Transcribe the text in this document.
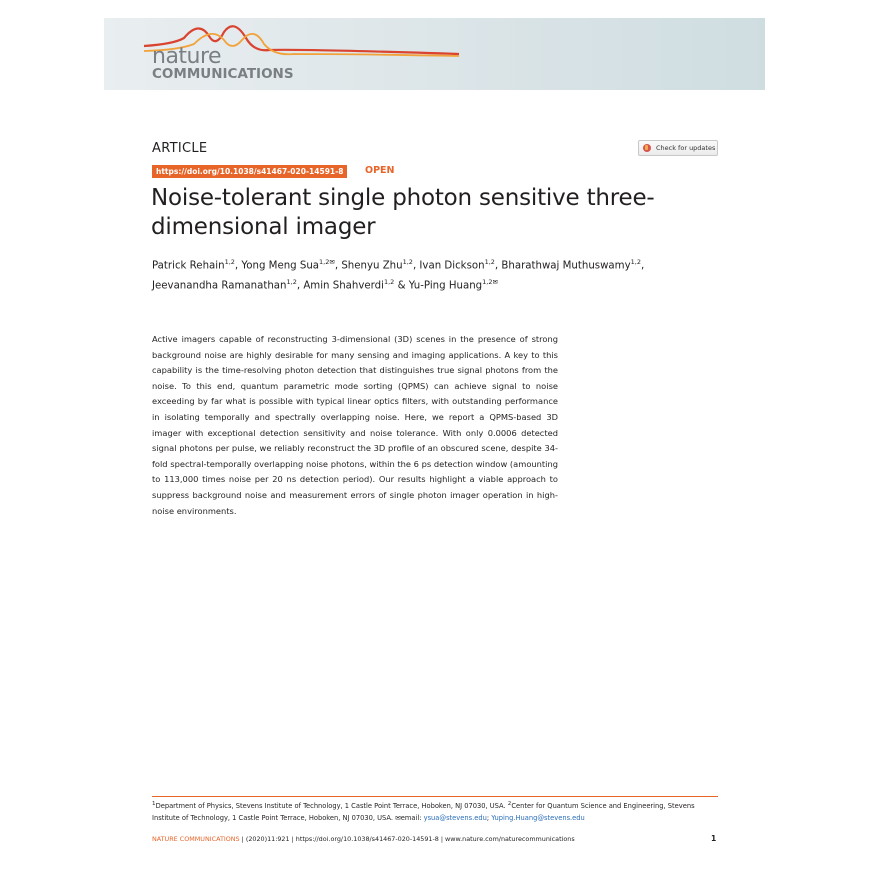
nature
COMMUNICATIONS
ARTICLE	Check for updates
https://doi.org/10.1038/s41467-020-14591-8	OPEN
Noise-tolerant single photon sensitive three-dimensional imager
Patrick Rehain$^{1,2}$, Yong Meng Sua$^{1,2✉}$, Shenyu Zhu$^{1,2}$, Ivan Dickson$^{1,2}$, Bharathwaj Muthuswamy$^{1,2}$,
Jeevanandha Ramanathan$^{1,2}$, Amin Shahverdi$^{1,2}$ & Yu-Ping Huang$^{1,2✉}$
Active imagers capable of reconstructing 3-dimensional (3D) scenes in the presence of strong background noise are highly desirable for many sensing and imaging applications. A key to this capability is the time-resolving photon detection that distinguishes true signal photons from the noise. To this end, quantum parametric mode sorting (QPMS) can achieve signal to noise exceeding by far what is possible with typical linear optics filters, with outstanding performance in isolating temporally and spectrally overlapping noise. Here, we report a QPMS-based 3D imager with exceptional detection sensitivity and noise tolerance. With only 0.0006 detected signal photons per pulse, we reliably reconstruct the 3D profile of an obscured scene, despite 34-fold spectral-temporally overlapping noise photons, within the 6 ps detection window (amounting to 113,000 times noise per 20 ns detection period). Our results highlight a viable approach to suppress background noise and measurement errors of single photon imager operation in high-noise environments.
$^1$Department of Physics, Stevens Institute of Technology, 1 Castle Point Terrace, Hoboken, NJ 07030, USA. $^2$Center for Quantum Science and Engineering, Stevens Institute of Technology, 1 Castle Point Terrace, Hoboken, NJ 07030, USA. ✉email: ysua@stevens.edu; Yuping.Huang@stevens.edu
NATURE COMMUNICATIONS | (2020)11:921 | https://doi.org/10.1038/s41467-020-14591-8 | www.nature.com/naturecommunications	1
